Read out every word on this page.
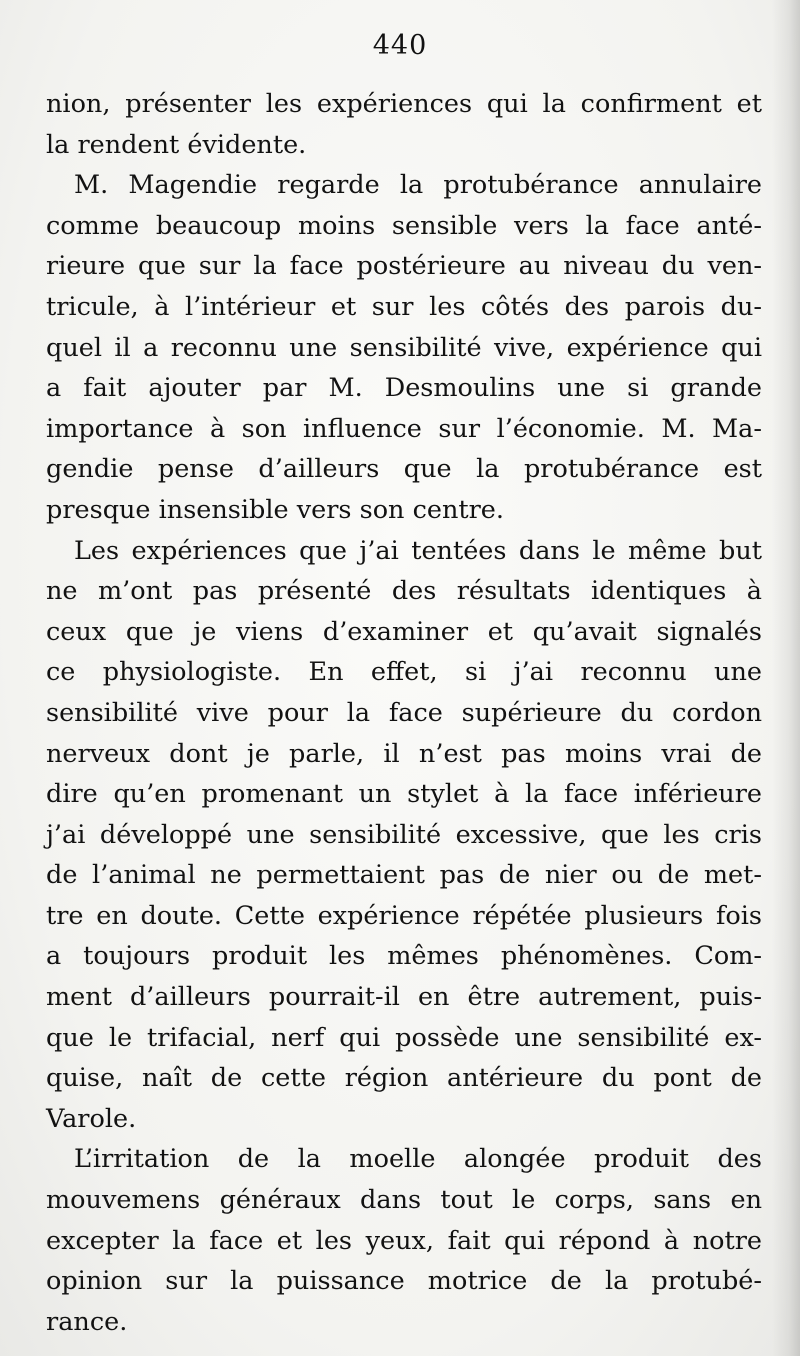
440
nion, présenter les expériences qui la confirment et
la rendent évidente.
M. Magendie regarde la protubérance annulaire
comme beaucoup moins sensible vers la face anté-
rieure que sur la face postérieure au niveau du ven-
tricule, à l’intérieur et sur les côtés des parois du-
quel il a reconnu une sensibilité vive, expérience qui
a fait ajouter par M. Desmoulins une si grande
importance à son influence sur l’économie. M. Ma-
gendie pense d’ailleurs que la protubérance est
presque insensible vers son centre.
Les expériences que j’ai tentées dans le même but
ne m’ont pas présenté des résultats identiques à
ceux que je viens d’examiner et qu’avait signalés
ce physiologiste. En effet, si j’ai reconnu une
sensibilité vive pour la face supérieure du cordon
nerveux dont je parle, il n’est pas moins vrai de
dire qu’en promenant un stylet à la face inférieure
j’ai développé une sensibilité excessive, que les cris
de l’animal ne permettaient pas de nier ou de met-
tre en doute. Cette expérience répétée plusieurs fois
a toujours produit les mêmes phénomènes. Com-
ment d’ailleurs pourrait-il en être autrement, puis-
que le trifacial, nerf qui possède une sensibilité ex-
quise, naît de cette région antérieure du pont de
Varole.
L’irritation de la moelle alongée produit des
mouvemens généraux dans tout le corps, sans en
excepter la face et les yeux, fait qui répond à notre
opinion sur la puissance motrice de la protubé-
rance.
